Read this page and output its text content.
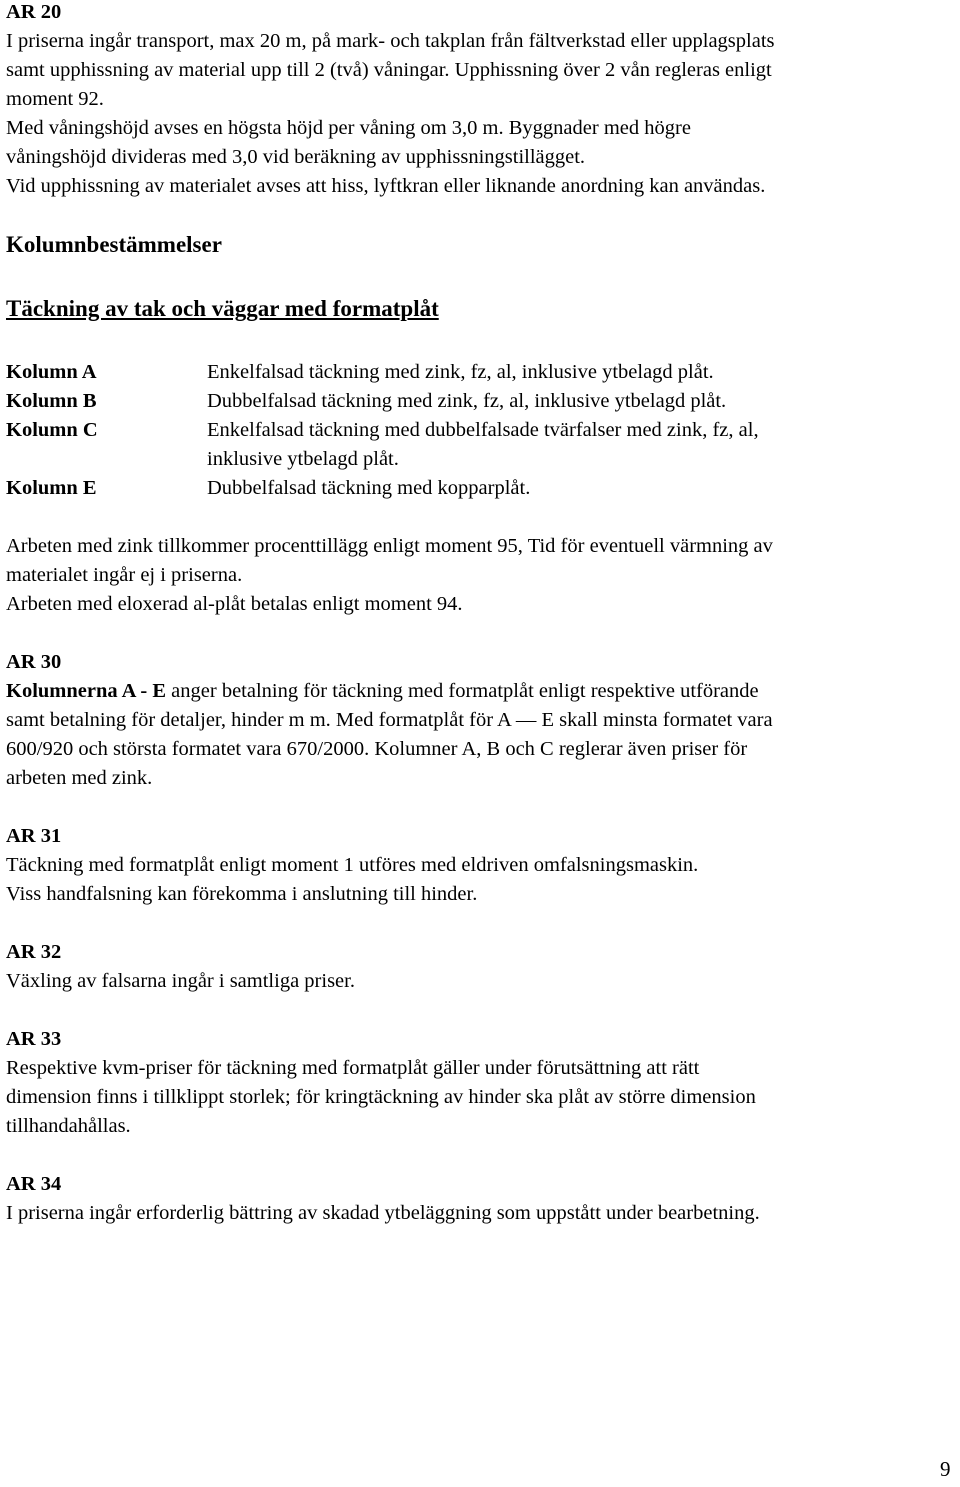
AR 20

I priserna ingår transport, max 20 m, på mark- och takplan från fältverkstad eller upplagsplats

samt upphissning av material upp till 2 (två) våningar. Upphissning över 2 vån regleras enligt

moment 92.

Med våningshöjd avses en högsta höjd per våning om 3,0 m. Byggnader med högre

våningshöjd divideras med 3,0 vid beräkning av upphissningstillägget.

Vid upphissning av materialet avses att hiss, lyftkran eller liknande anordning kan användas.

Kolumnbestämmelser

Täckning av tak och väggar med formatplåt

Kolumn A	Enkelfalsad täckning med zink, fz, al, inklusive ytbelagd plåt.

Kolumn B	Dubbelfalsad täckning med zink, fz, al, inklusive ytbelagd plåt.

Kolumn C	Enkelfalsad täckning med dubbelfalsade tvärfalser med zink, fz, al,

inklusive ytbelagd plåt.

Kolumn E	Dubbelfalsad täckning med kopparplåt.

Arbeten med zink tillkommer procenttillägg enligt moment 95, Tid för eventuell värmning av

materialet ingår ej i priserna.

Arbeten med eloxerad al-plåt betalas enligt moment 94.

AR 30

Kolumnerna A - E anger betalning för täckning med formatplåt enligt respektive utförande

samt betalning för detaljer, hinder m m. Med formatplåt för A — E skall minsta formatet vara

600/920 och största formatet vara 670/2000. Kolumner A, B och C reglerar även priser för

arbeten med zink.

AR 31

Täckning med formatplåt enligt moment 1 utföres med eldriven omfalsningsmaskin.

Viss handfalsning kan förekomma i anslutning till hinder.

AR 32

Växling av falsarna ingår i samtliga priser.

AR 33

Respektive kvm-priser för täckning med formatplåt gäller under förutsättning att rätt

dimension finns i tillklippt storlek; för kringtäckning av hinder ska plåt av större dimension

tillhandahållas.

AR 34

I priserna ingår erforderlig bättring av skadad ytbeläggning som uppstått under bearbetning.

9
